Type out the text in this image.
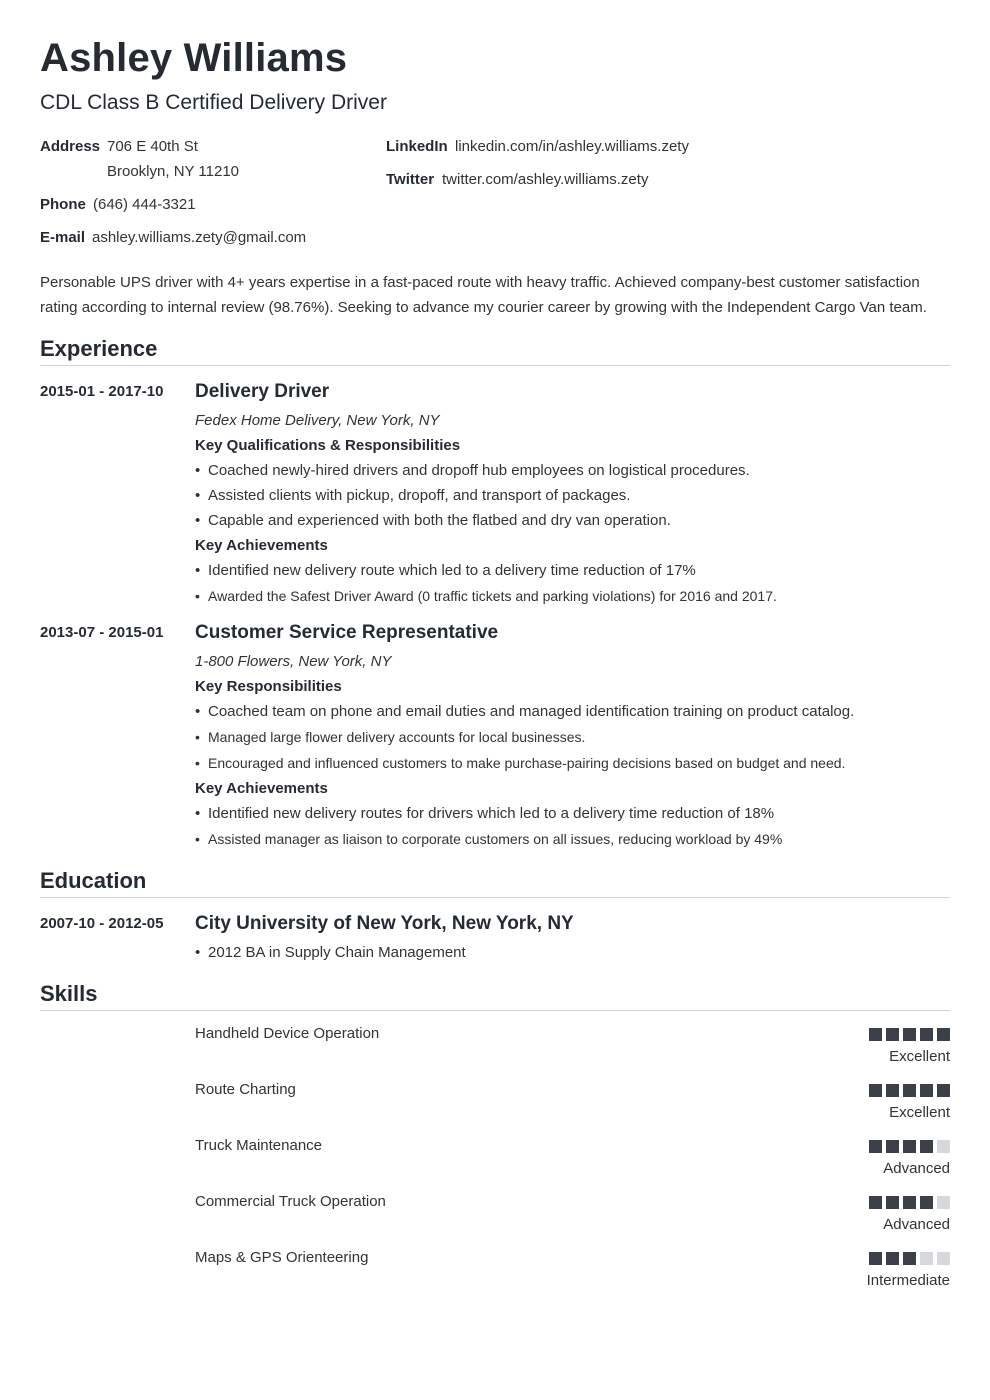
Ashley Williams
CDL Class B Certified Delivery Driver
Address 706 E 40th St
Brooklyn, NY 11210
Phone (646) 444-3321
E-mail ashley.williams.zety@gmail.com
LinkedIn linkedin.com/in/ashley.williams.zety
Twitter twitter.com/ashley.williams.zety
Personable UPS driver with 4+ years expertise in a fast-paced route with heavy traffic. Achieved company-best customer satisfaction rating according to internal review (98.76%). Seeking to advance my courier career by growing with the Independent Cargo Van team.
Experience
2015-01 - 2017-10 Delivery Driver
Fedex Home Delivery, New York, NY
Key Qualifications & Responsibilities
• Coached newly-hired drivers and dropoff hub employees on logistical procedures.
• Assisted clients with pickup, dropoff, and transport of packages.
• Capable and experienced with both the flatbed and dry van operation.
Key Achievements
• Identified new delivery route which led to a delivery time reduction of 17%
• Awarded the Safest Driver Award (0 traffic tickets and parking violations) for 2016 and 2017.
2013-07 - 2015-01 Customer Service Representative
1-800 Flowers, New York, NY
Key Responsibilities
• Coached team on phone and email duties and managed identification training on product catalog.
• Managed large flower delivery accounts for local businesses.
• Encouraged and influenced customers to make purchase-pairing decisions based on budget and need.
Key Achievements
• Identified new delivery routes for drivers which led to a delivery time reduction of 18%
• Assisted manager as liaison to corporate customers on all issues, reducing workload by 49%
Education
2007-10 - 2012-05 City University of New York, New York, NY
• 2012 BA in Supply Chain Management
Skills
Handheld Device Operation
Excellent
Route Charting
Excellent
Truck Maintenance
Advanced
Commercial Truck Operation
Advanced
Maps & GPS Orienteering
Intermediate
